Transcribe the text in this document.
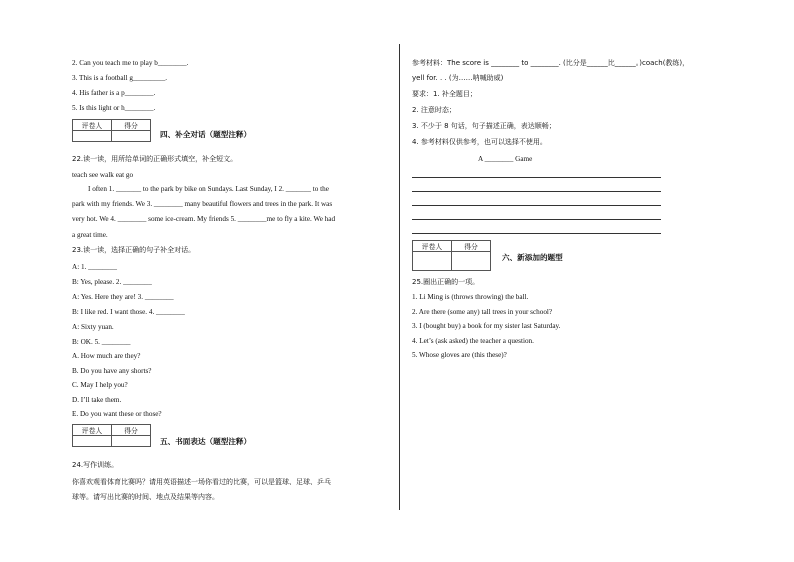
2. Can you teach me to play b________.
3. This is a football g_________.
4. His father is a p________.
5. Is this light or h________.
评卷人	得分

四、补全对话（题型注释）
22.读一读，用所给单词的正确形式填空，补全短文。
teach see walk eat go
I often 1. _______ to the park by bike on Sundays. Last Sunday, I 2. _______ to the
park with my friends. We 3. ________ many beautiful flowers and trees in the park. It was
very hot. We 4. ________ some ice-cream. My friends 5. ________me to fly a kite. We had
a great time.
23.读一读，选择正确的句子补全对话。
A: 1. ________
B: Yes, please. 2. ________
A: Yes. Here they are! 3. ________
B: I like red. I want those. 4. ________
A: Sixty yuan.
B: OK. 5. ________
A. How much are they?
B. Do you have any shorts?
C. May I help you?
D. I’ll take them.
E. Do you want these or those?
评卷人	得分

五、书面表达（题型注释）
24.写作训练。
你喜欢观看体育比赛吗？请用英语描述一场你看过的比赛，可以是篮球、足球、乒乓
球等。请写出比赛的时间、地点及结果等内容。
参考材料：The score is ________ to ________. (比分是______比______。)coach(教练)，
yell for. . . (为……呐喊助威)
要求：1. 补全题目；
2. 注意时态；
3. 不少于 8 句话，句子描述正确，表达顺畅；
4. 参考材料仅供参考，也可以选择不使用。
A ________ Game
评卷人	得分

六、新添加的题型
25.圈出正确的一项。
1. Li Ming is (throws throwing) the ball.
2. Are there (some any) tall trees in your school?
3. I (bought buy) a book for my sister last Saturday.
4. Let’s (ask asked) the teacher a question.
5. Whose gloves are (this these)?
